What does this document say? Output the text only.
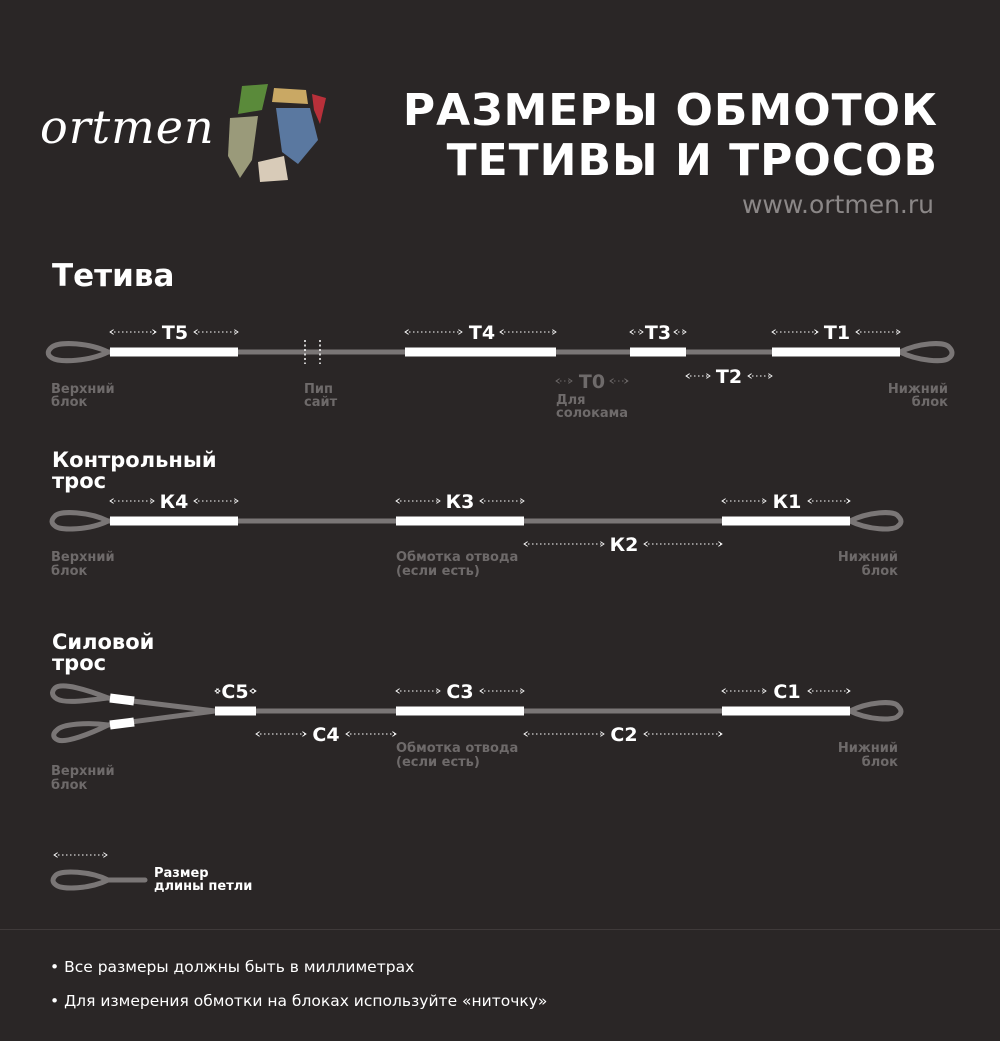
ortmen	РАЗМЕРЫ ОБМОТОК
ТЕТИВЫ И ТРОСОВ
www.ortmen.ru
Тетива
Контрольный
трос
Силовой
трос
Т5	Т4	Т3	Т1
Т0	Т2
Верхний
блок
Пип
сайт	Для
солокама
Нижний
блок
К4	К3	К1
К2
Верхний
блок
Обмотка отвода
(если есть)
Нижний
блок
С5	С3	С1
С4	С2
Верхний
блок
Обмотка отвода
(если есть)
Нижний
блок
Размер
длины петли
• Все размеры должны быть в миллиметрах
• Для измерения обмотки на блоках используйте «ниточку»
